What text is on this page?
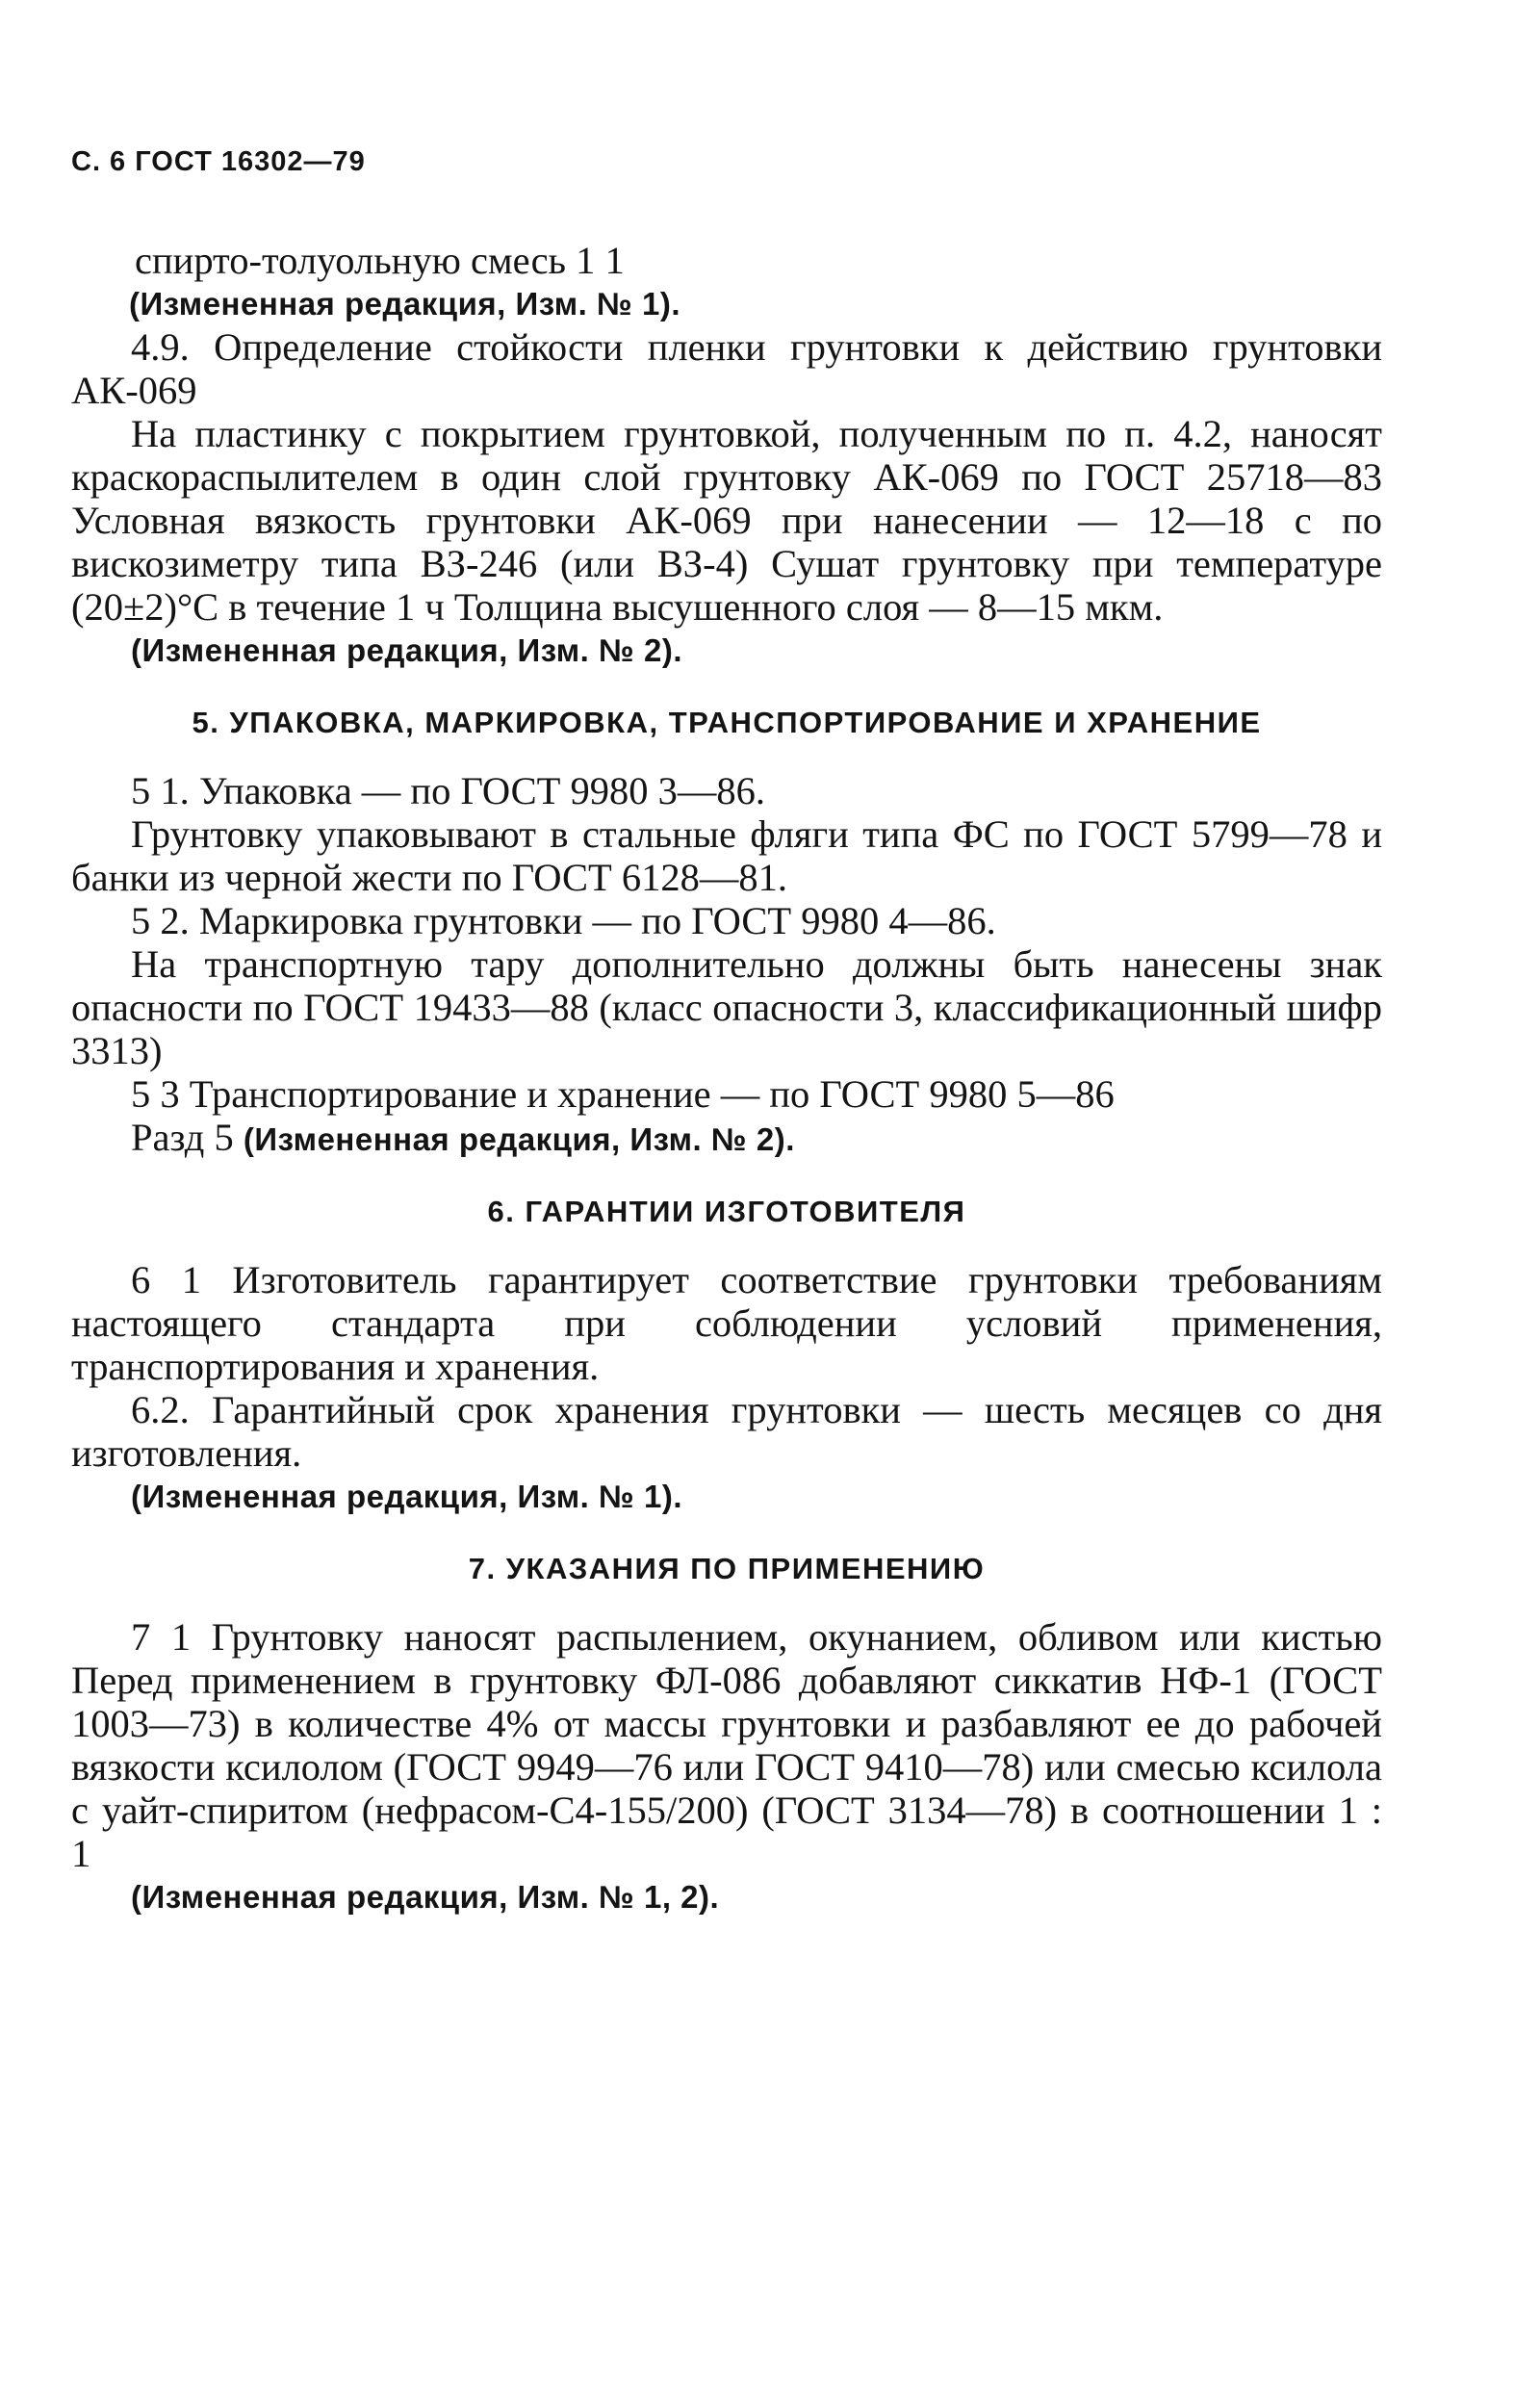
С. 6 ГОСТ 16302—79

спирто-толуольную смесь 1 1

(Измененная редакция, Изм. № 1).

4.9. Определение стойкости пленки грунтовки к действию грунтовки АК-069

На пластинку с покрытием грунтовкой, полученным по п. 4.2, наносят краскораспылителем в один слой грунтовку АК-069 по ГОСТ 25718—83 Условная вязкость грунтовки АК-069 при нанесении — 12—18 с по вискозиметру типа ВЗ-246 (или ВЗ-4) Сушат грунтовку при температуре (20±2)°С в течение 1 ч Толщина высушенного слоя — 8—15 мкм.

(Измененная редакция, Изм. № 2).

5. УПАКОВКА, МАРКИРОВКА, ТРАНСПОРТИРОВАНИЕ И ХРАНЕНИЕ

5 1. Упаковка — по ГОСТ 9980 3—86.

Грунтовку упаковывают в стальные фляги типа ФС по ГОСТ 5799—78 и банки из черной жести по ГОСТ 6128—81.

5 2. Маркировка грунтовки — по ГОСТ 9980 4—86.

На транспортную тару дополнительно должны быть нанесены знак опасности по ГОСТ 19433—88 (класс опасности 3, классификационный шифр 3313)

5 3 Транспортирование и хранение — по ГОСТ 9980 5—86

Разд 5 (Измененная редакция, Изм. № 2).

6. ГАРАНТИИ ИЗГОТОВИТЕЛЯ

6 1 Изготовитель гарантирует соответствие грунтовки требованиям настоящего стандарта при соблюдении условий применения, транспортирования и хранения.

6.2. Гарантийный срок хранения грунтовки — шесть месяцев со дня изготовления.

(Измененная редакция, Изм. № 1).

7. УКАЗАНИЯ ПО ПРИМЕНЕНИЮ

7 1 Грунтовку наносят распылением, окунанием, обливом или кистью Перед применением в грунтовку ФЛ-086 добавляют сиккатив НФ-1 (ГОСТ 1003—73) в количестве 4% от массы грунтовки и разбавляют ее до рабочей вязкости ксилолом (ГОСТ 9949—76 или ГОСТ 9410—78) или смесью ксилола с уайт-спиритом (нефрасом-С4-155/200) (ГОСТ 3134—78) в соотношении 1 : 1

(Измененная редакция, Изм. № 1, 2).
